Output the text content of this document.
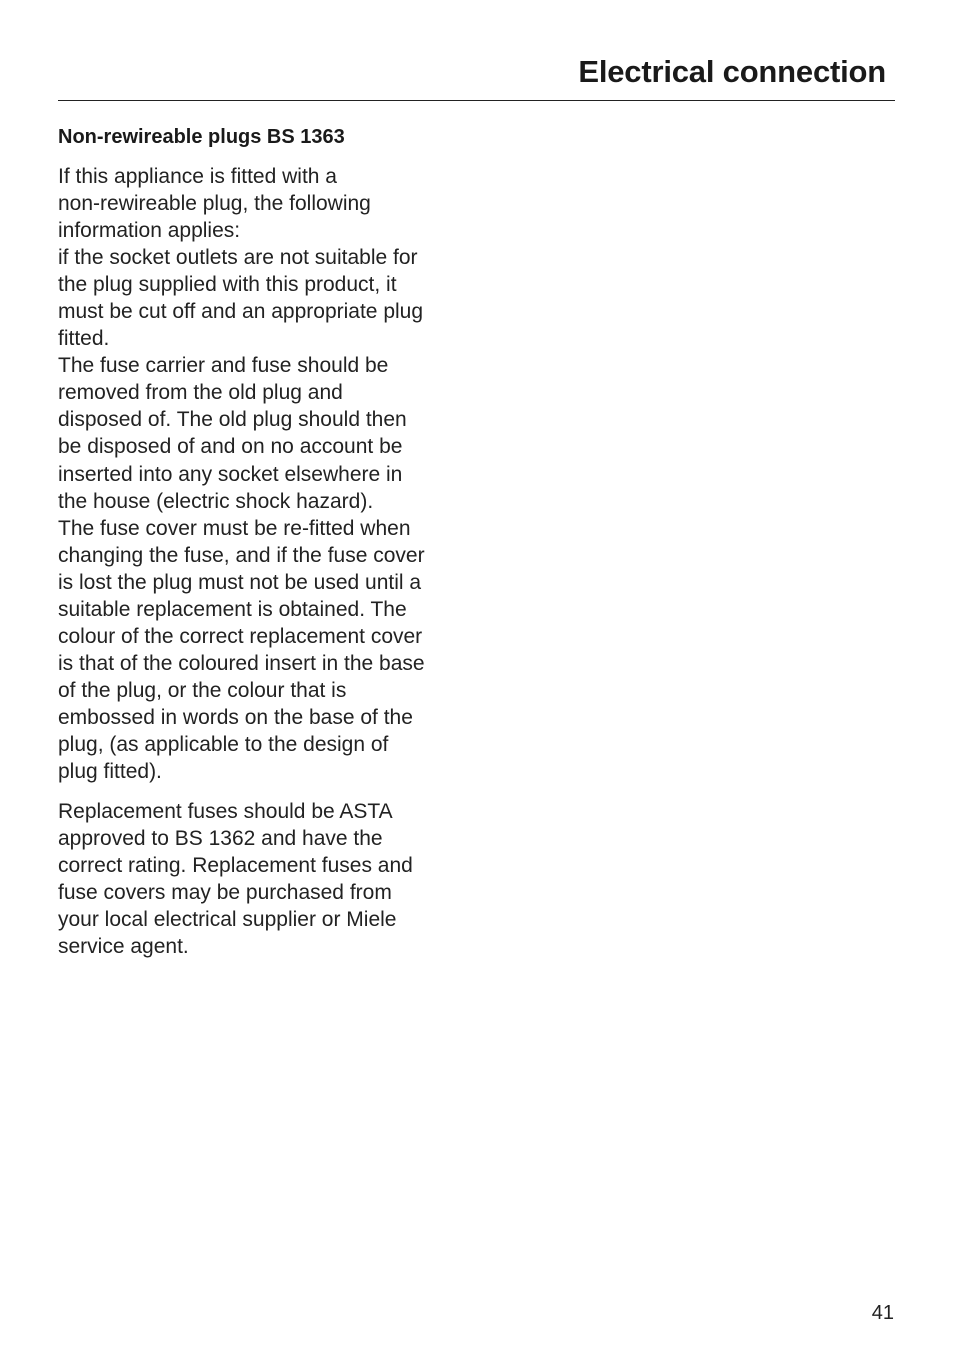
Electrical connection
Non-rewireable plugs BS 1363

If this appliance is fitted with a
non-rewireable plug, the following
information applies:
if the socket outlets are not suitable for
the plug supplied with this product, it
must be cut off and an appropriate plug
fitted.
The fuse carrier and fuse should be
removed from the old plug and
disposed of. The old plug should then
be disposed of and on no account be
inserted into any socket elsewhere in
the house (electric shock hazard).
The fuse cover must be re-fitted when
changing the fuse, and if the fuse cover
is lost the plug must not be used until a
suitable replacement is obtained. The
colour of the correct replacement cover
is that of the coloured insert in the base
of the plug, or the colour that is
embossed in words on the base of the
plug, (as applicable to the design of
plug fitted).

Replacement fuses should be ASTA
approved to BS 1362 and have the
correct rating. Replacement fuses and
fuse covers may be purchased from
your local electrical supplier or Miele
service agent.

41
